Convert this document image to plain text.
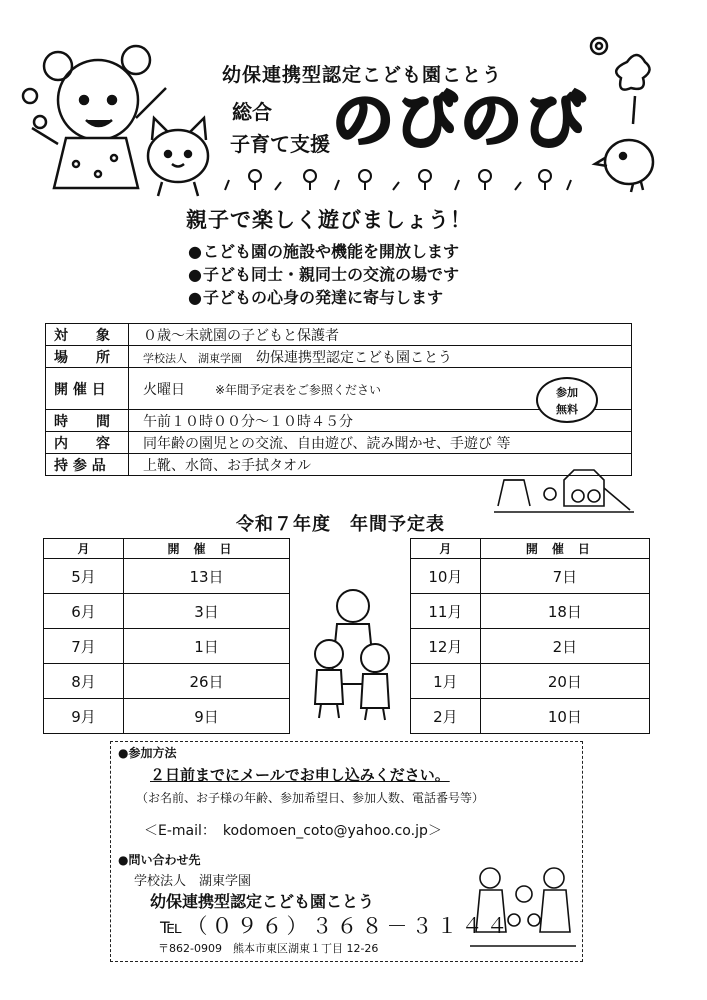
幼保連携型認定こども園ことう
総合
子育て支援 のびのび
親子で楽しく遊びましょう！
● こども園の施設や機能を開放します
● 子ども同士・親同士の交流の場です
● 子どもの心身の発達に寄与します
対　　象	０歳～未就園の子どもと保護者
場　　所	学校法人　湖東学園 幼保連携型認定こども園ことう
開 催 日	火曜日 ※年間予定表をご参照ください
時　　間	午前１０時００分～１０時４５分
内　　容	同年齢の園児との交流、自由遊び、読み聞かせ、手遊び 等
持 参 品	上靴、水筒、お手拭タオル
参加
無料
令和７年度　年間予定表
月	開催日
5月	13日
6月	3日
7月	1日
8月	26日
9月	9日
月	開催日
10月	7日
11月	18日
12月	2日
1月	20日
2月	10日
● 参加方法
２日前までにメールでお申し込みください。
（お名前、お子様の年齢、参加希望日、参加人数、電話番号等）
＜E-mail：　kodomoen_coto@yahoo.co.jp＞
● 問い合わせ先
学校法人　湖東学園
幼保連携型認定こども園ことう
℡（０９６）３６８－３１４４
〒862-0909　熊本市東区湖東１丁目 12-26
